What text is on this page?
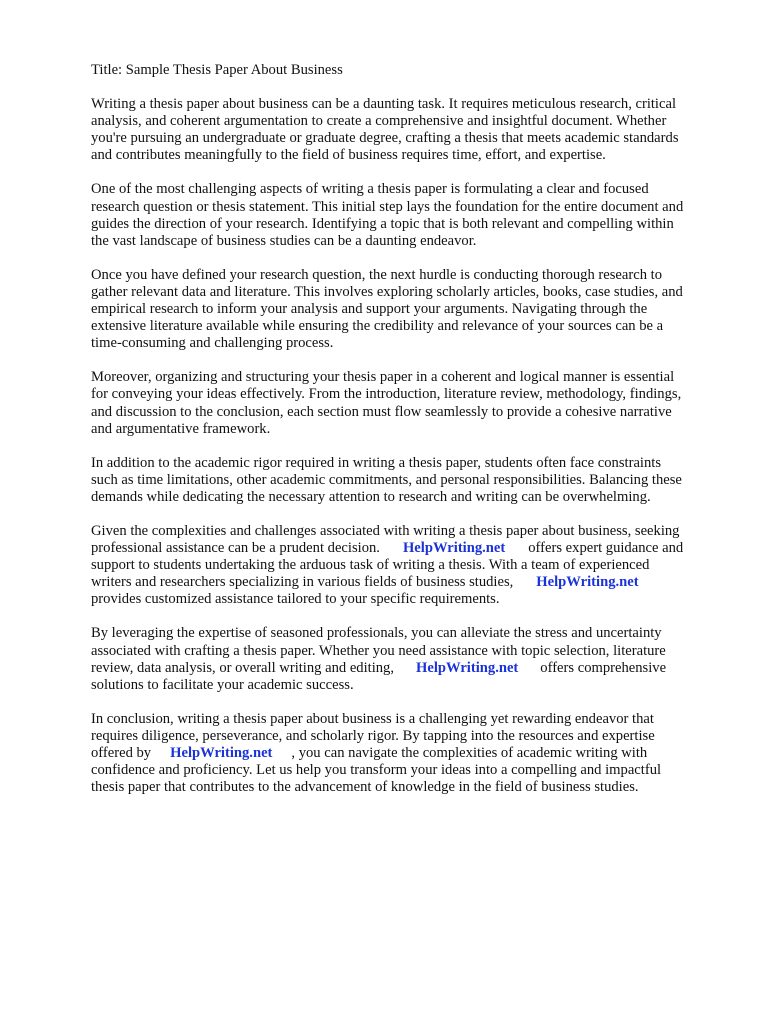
Title: Sample Thesis Paper About Business
Writing a thesis paper about business can be a daunting task. It requires meticulous research, critical
analysis, and coherent argumentation to create a comprehensive and insightful document. Whether
you're pursuing an undergraduate or graduate degree, crafting a thesis that meets academic standards
and contributes meaningfully to the field of business requires time, effort, and expertise.
One of the most challenging aspects of writing a thesis paper is formulating a clear and focused
research question or thesis statement. This initial step lays the foundation for the entire document and
guides the direction of your research. Identifying a topic that is both relevant and compelling within
the vast landscape of business studies can be a daunting endeavor.
Once you have defined your research question, the next hurdle is conducting thorough research to
gather relevant data and literature. This involves exploring scholarly articles, books, case studies, and
empirical research to inform your analysis and support your arguments. Navigating through the
extensive literature available while ensuring the credibility and relevance of your sources can be a
time-consuming and challenging process.
Moreover, organizing and structuring your thesis paper in a coherent and logical manner is essential
for conveying your ideas effectively. From the introduction, literature review, methodology, findings,
and discussion to the conclusion, each section must flow seamlessly to provide a cohesive narrative
and argumentative framework.
In addition to the academic rigor required in writing a thesis paper, students often face constraints
such as time limitations, other academic commitments, and personal responsibilities. Balancing these
demands while dedicating the necessary attention to research and writing can be overwhelming.
Given the complexities and challenges associated with writing a thesis paper about business, seeking
professional assistance can be a prudent decision. HelpWriting.net offers expert guidance and
support to students undertaking the arduous task of writing a thesis. With a team of experienced
writers and researchers specializing in various fields of business studies, HelpWriting.net
provides customized assistance tailored to your specific requirements.
By leveraging the expertise of seasoned professionals, you can alleviate the stress and uncertainty
associated with crafting a thesis paper. Whether you need assistance with topic selection, literature
review, data analysis, or overall writing and editing, HelpWriting.net offers comprehensive
solutions to facilitate your academic success.
In conclusion, writing a thesis paper about business is a challenging yet rewarding endeavor that
requires diligence, perseverance, and scholarly rigor. By tapping into the resources and expertise
offered by HelpWriting.net , you can navigate the complexities of academic writing with
confidence and proficiency. Let us help you transform your ideas into a compelling and impactful
thesis paper that contributes to the advancement of knowledge in the field of business studies.
